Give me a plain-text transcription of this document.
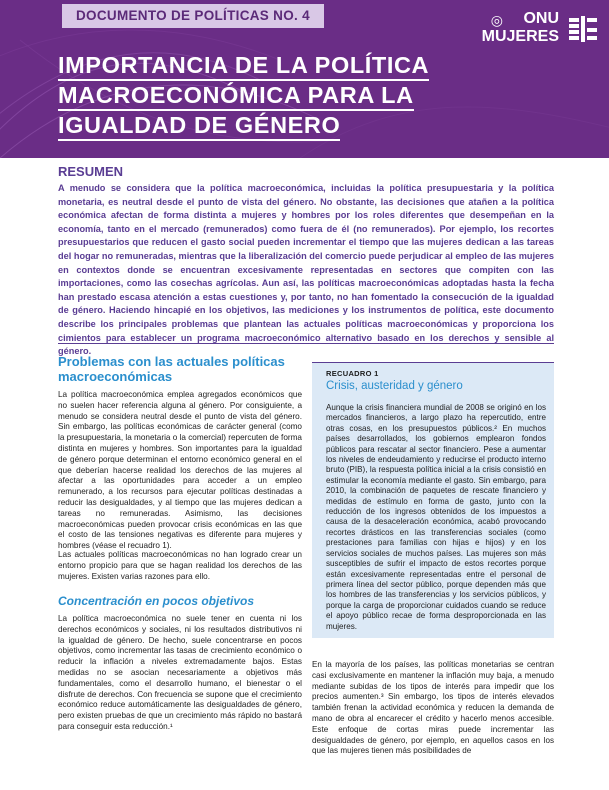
DOCUMENTO DE POLÍTICAS NO. 4	◎ ONU
MUJERES
IMPORTANCIA DE LA POLÍTICA
MACROECONÓMICA PARA LA
IGUALDAD DE GÉNERO
RESUMEN
A menudo se considera que la política macroeconómica, incluidas la política presupuestaria y la política monetaria, es neutral desde el punto de vista del género. No obstante, las decisiones que atañen a la política económica afectan de forma distinta a mujeres y hombres por los roles diferentes que desempeñan en la economía, tanto en el mercado (remunerados) como fuera de él (no remunerados). Por ejemplo, los recortes presupuestarios que reducen el gasto social pueden incrementar el tiempo que las mujeres dedican a las tareas del hogar no remuneradas, mientras que la liberalización del comercio puede perjudicar al empleo de las mujeres en contextos donde se encuentran excesivamente representadas en sectores que compiten con las importaciones, como las cosechas agrícolas. Aun así, las políticas macroeconómicas adoptadas hasta la fecha han prestado escasa atención a estas cuestiones y, por tanto, no han fomentado la consecución de la igualdad de género. Haciendo hincapié en los objetivos, las mediciones y los instrumentos de política, este documento describe los principales problemas que plantean las actuales políticas macroeconómicas y proporciona los cimientos para establecer un programa macroeconómico alternativo basado en los derechos y sensible al género.
Problemas con las actuales políticas macroeconómicas
La política macroeconómica emplea agregados económicos que no suelen hacer referencia alguna al género. Por consiguiente, a menudo se considera neutral desde el punto de vista del género. Sin embargo, las políticas económicas de carácter general (como la presupuestaria, la monetaria o la comercial) repercuten de forma distinta en mujeres y hombres. Son importantes para la igualdad de género porque determinan el entorno económico general en el que deberían hacerse realidad los derechos de las mujeres al afectar a las oportunidades para acceder a un empleo remunerado, a los recursos para ejecutar políticas destinadas a reducir las desigualdades, y al tiempo que las mujeres dedican a tareas no remuneradas. Asimismo, las decisiones macroeconómicas pueden provocar crisis económicas en las que el costo de las tensiones negativas es diferente para mujeres y hombres (véase el recuadro 1).
Las actuales políticas macroeconómicas no han logrado crear un entorno propicio para que se hagan realidad los derechos de las mujeres. Existen varias razones para ello.
Concentración en pocos objetivos
La política macroeconómica no suele tener en cuenta ni los derechos económicos y sociales, ni los resultados distributivos ni la igualdad de género. De hecho, suele concentrarse en pocos objetivos, como incrementar las tasas de crecimiento económico o reducir la inflación a niveles extremadamente bajos. Estas medidas no se asocian necesariamente a objetivos más fundamentales, como el desarrollo humano, el bienestar o el disfrute de derechos. Con frecuencia se supone que el crecimiento económico reduce automáticamente las desigualdades de género, pero existen pruebas de que un crecimiento más rápido no bastará para conseguir esta reducción.¹
RECUADRO 1
Crisis, austeridad y género
Aunque la crisis financiera mundial de 2008 se originó en los mercados financieros, a largo plazo ha repercutido, entre otras cosas, en los presupuestos públicos.² En muchos países desarrollados, los gobiernos emplearon fondos públicos para rescatar al sector financiero. Pese a aumentar los niveles de endeudamiento y reducirse el producto interno bruto (PIB), la respuesta política inicial a la crisis consistió en estimular la economía mediante el gasto. Sin embargo, para 2010, la combinación de paquetes de rescate financiero y medidas de estímulo en forma de gasto, junto con la reducción de los ingresos obtenidos de los impuestos a causa de la desaceleración económica, acabó provocando recortes drásticos en las transferencias sociales (como prestaciones para familias con hijas e hijos) y en los servicios sociales de muchos países. Las mujeres son más susceptibles de sufrir el impacto de estos recortes porque están excesivamente representadas entre el personal de primera línea del sector público, porque dependen más que los hombres de las transferencias y los servicios públicos, y porque la carga de proporcionar cuidados cuando se reduce el apoyo público recae de forma desproporcionada en las mujeres.
En la mayoría de los países, las políticas monetarias se centran casi exclusivamente en mantener la inflación muy baja, a menudo mediante subidas de los tipos de interés para impedir que los precios aumenten.³ Sin embargo, los tipos de interés elevados también frenan la actividad económica y reducen la demanda de mano de obra al encarecer el crédito y hacerlo menos accesible. Este enfoque de cortas miras puede incrementar las desigualdades de género, por ejemplo, en aquellos casos en los que las mujeres tienen más posibilidades de
